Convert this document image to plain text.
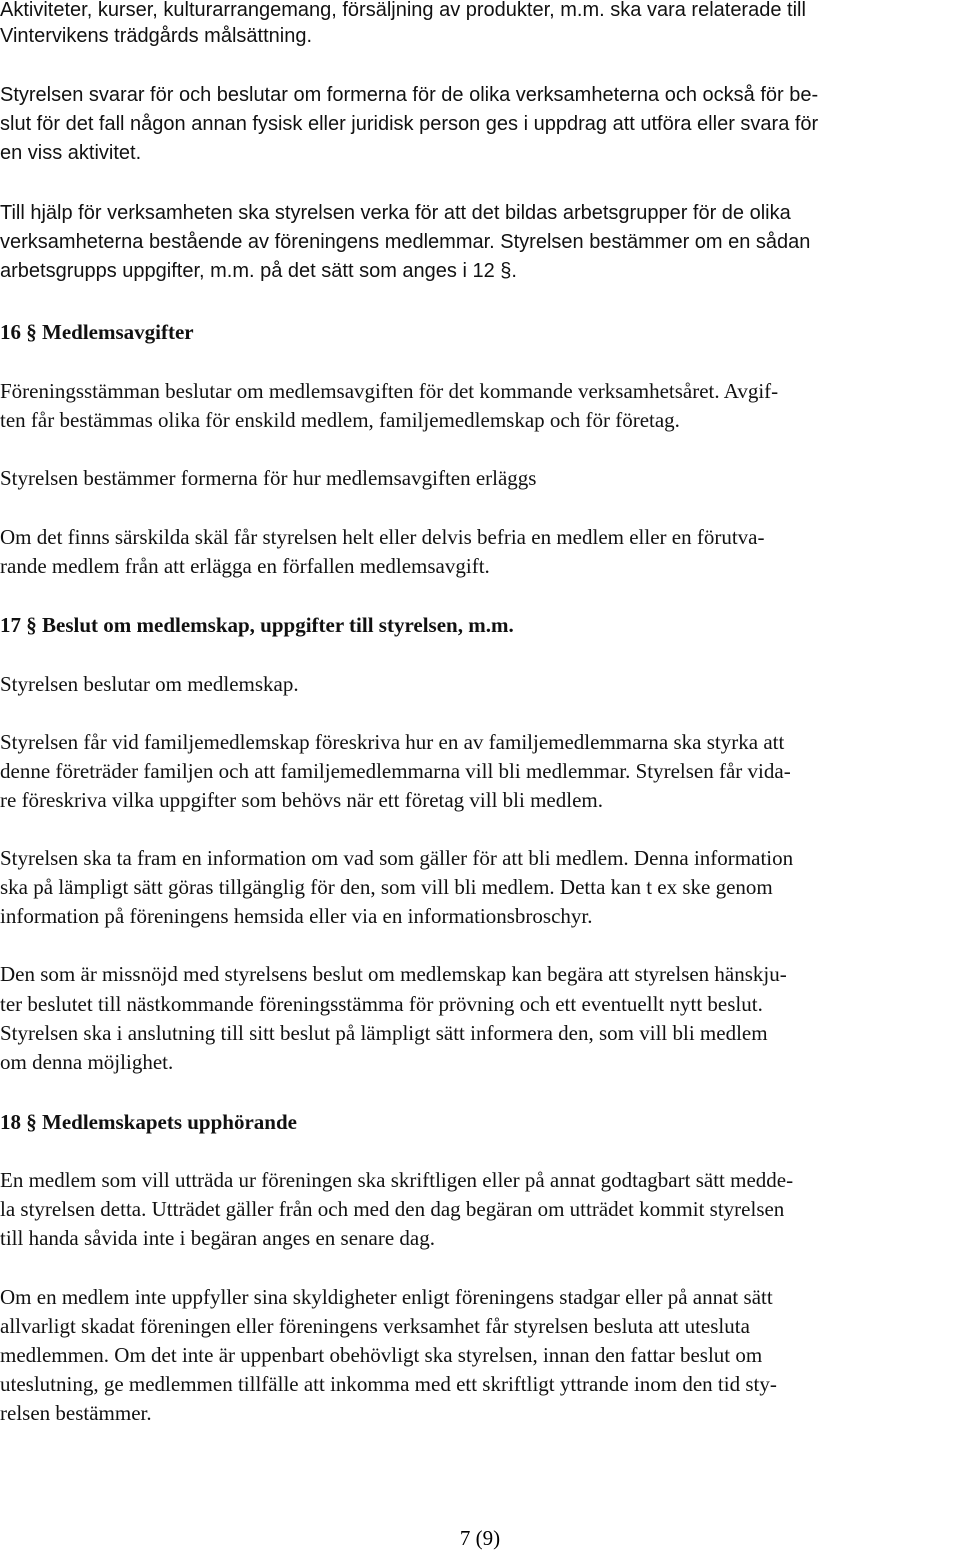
Aktiviteter, kurser, kulturarrangemang, försäljning av produkter, m.m. ska vara relaterade till
Vintervikens trädgårds målsättning.
Styrelsen svarar för och beslutar om formerna för de olika verksamheterna och också för be-
slut för det fall någon annan fysisk eller juridisk person ges i uppdrag att utföra eller svara för
en viss aktivitet.
Till hjälp för verksamheten ska styrelsen verka för att det bildas arbetsgrupper för de olika
verksamheterna bestående av föreningens medlemmar. Styrelsen bestämmer om en sådan
arbetsgrupps uppgifter, m.m. på det sätt som anges i 12 §.
16 § Medlemsavgifter
Föreningsstämman beslutar om medlemsavgiften för det kommande verksamhetsåret. Avgif-
ten får bestämmas olika för enskild medlem, familjemedlemskap och för företag.
Styrelsen bestämmer formerna för hur medlemsavgiften erläggs
Om det finns särskilda skäl får styrelsen helt eller delvis befria en medlem eller en förutva-
rande medlem från att erlägga en förfallen medlemsavgift.
17 § Beslut om medlemskap, uppgifter till styrelsen, m.m.
Styrelsen beslutar om medlemskap.
Styrelsen får vid familjemedlemskap föreskriva hur en av familjemedlemmarna ska styrka att
denne företräder familjen och att familjemedlemmarna vill bli medlemmar. Styrelsen får vida-
re föreskriva vilka uppgifter som behövs när ett företag vill bli medlem.
Styrelsen ska ta fram en information om vad som gäller för att bli medlem. Denna information
ska på lämpligt sätt göras tillgänglig för den, som vill bli medlem. Detta kan t ex ske genom
information på föreningens hemsida eller via en informationsbroschyr.
Den som är missnöjd med styrelsens beslut om medlemskap kan begära att styrelsen hänskju-
ter beslutet till nästkommande föreningsstämma för prövning och ett eventuellt nytt beslut.
Styrelsen ska i anslutning till sitt beslut på lämpligt sätt informera den, som vill bli medlem
om denna möjlighet.
18 § Medlemskapets upphörande
En medlem som vill utträda ur föreningen ska skriftligen eller på annat godtagbart sätt medde-
la styrelsen detta. Utträdet gäller från och med den dag begäran om utträdet kommit styrelsen
till handa såvida inte i begäran anges en senare dag.
Om en medlem inte uppfyller sina skyldigheter enligt föreningens stadgar eller på annat sätt
allvarligt skadat föreningen eller föreningens verksamhet får styrelsen besluta att utesluta
medlemmen. Om det inte är uppenbart obehövligt ska styrelsen, innan den fattar beslut om
uteslutning, ge medlemmen tillfälle att inkomma med ett skriftligt yttrande inom den tid sty-
relsen bestämmer.
7 (9)
